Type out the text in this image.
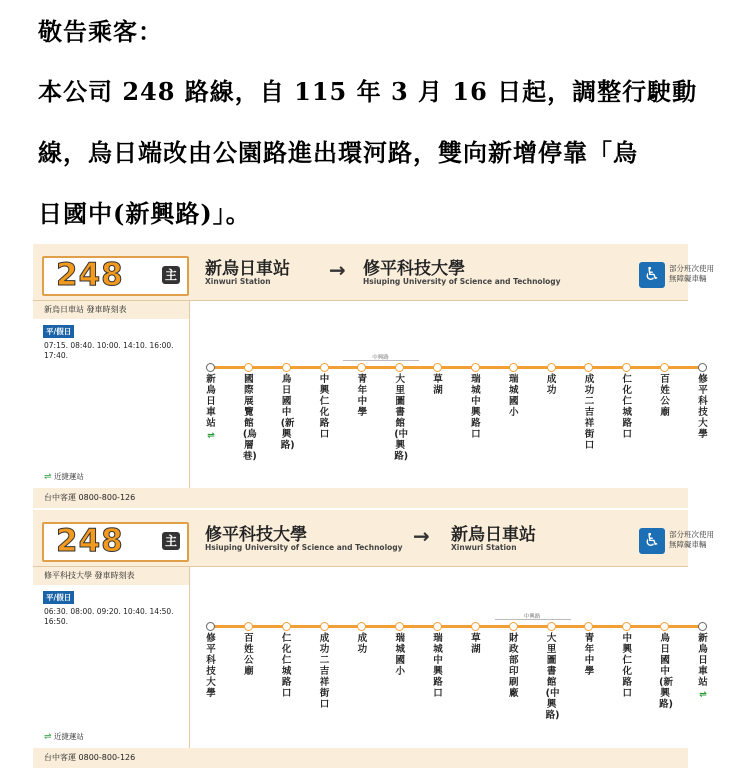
敬告乘客：
本公司 248 路線，自 115 年 3 月 16 日起，調整行駛動
線，烏日端改由公園路進出環河路，雙向新增停靠「烏
日國中(新興路)」。
248	主 新烏日車站
Xinwuri Station	→ 修平科技大學
Hsiuping University of Science and Technology	♿	部分班次使用
無障礙車輛
新烏日車站 發車時刻表
平/假日
07:15. 08:40. 10:00. 14:10. 16:00. 17:40.
⇌ 近捷運站
台中客運 0800-800-126
中興路
新烏日車站
⇌
國際展覽館(烏層巷)
烏日國中(新興路)
中興仁化路口
青年中學
大里圖書館(中興路)
草湖
瑞城中興路口
瑞城國小
成功
成功二吉祥街口
仁化仁城路口
百姓公廟
修平科技大學
248	主 修平科技大學
Hsiuping University of Science and Technology → 新烏日車站
Xinwuri Station	♿	部分班次使用
無障礙車輛
修平科技大學 發車時刻表
平/假日
06:30. 08:00. 09:20. 10:40. 14:50. 16:50.
⇌ 近捷運站
台中客運 0800-800-126
中興路
修平科技大學
百姓公廟
仁化仁城路口
成功二吉祥街口
成功
瑞城國小
瑞城中興路口
草湖
財政部印刷廠
大里圖書館(中興路)
青年中學
中興仁化路口
烏日國中(新興路)
新烏日車站
⇌
